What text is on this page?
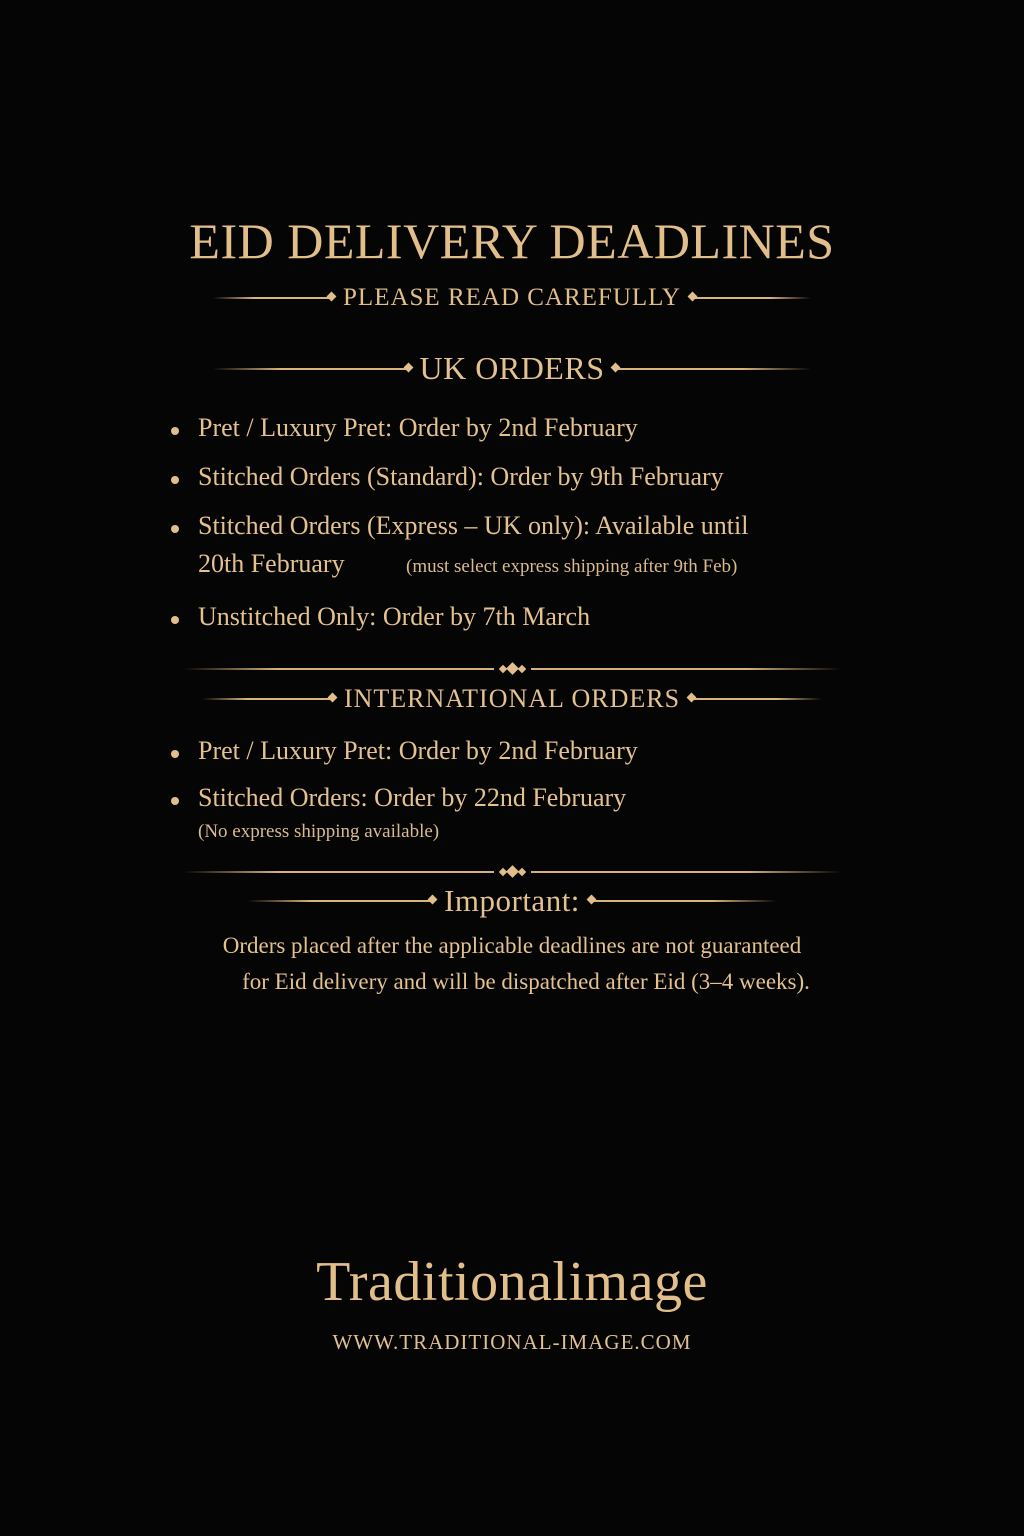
EID DELIVERY DEADLINES
PLEASE READ CAREFULLY
UK ORDERS
Pret / Luxury Pret: Order by 2nd February
Stitched Orders (Standard): Order by 9th February
Stitched Orders (Express – UK only): Available until
20th February	(must select express shipping after 9th Feb)
Unstitched Only: Order by 7th March
INTERNATIONAL ORDERS
Pret / Luxury Pret: Order by 2nd February
Stitched Orders: Order by 22nd February
(No express shipping available)
Important:
Orders placed after the applicable deadlines are not guaranteed
for Eid delivery and will be dispatched after Eid (3–4 weeks).
Traditionalimage
WWW.TRADITIONAL-IMAGE.COM
